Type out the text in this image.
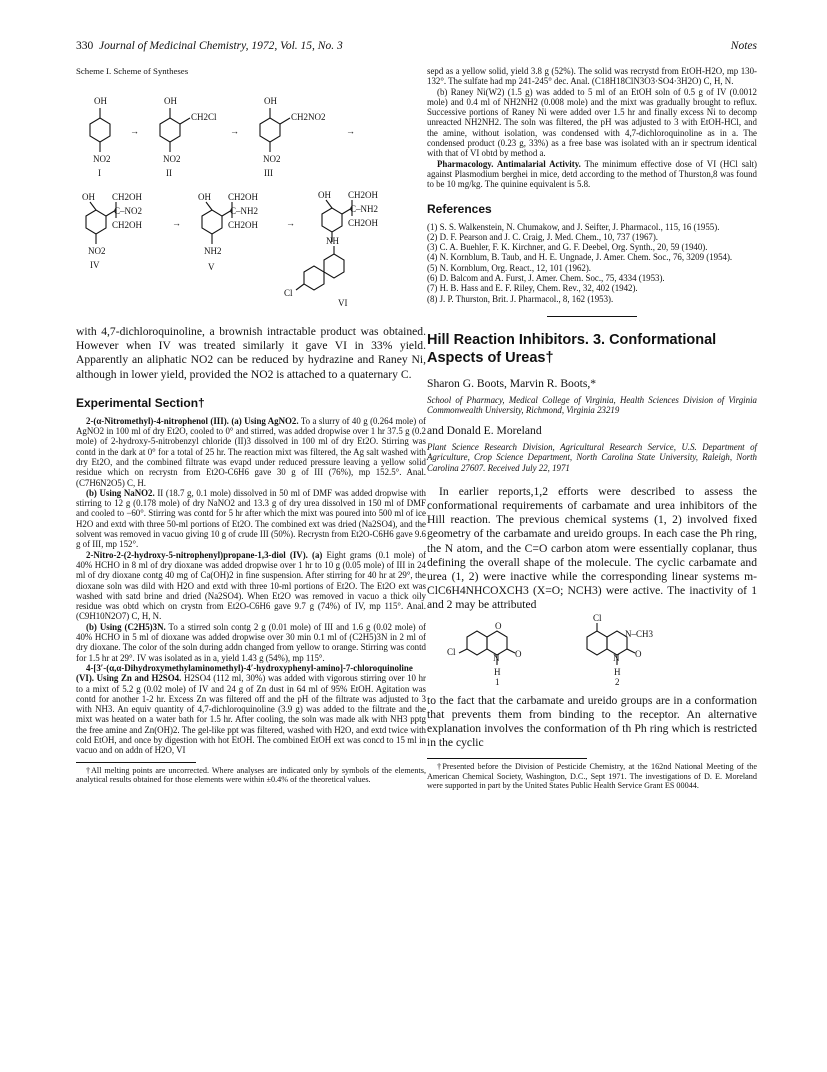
330 Journal of Medicinal Chemistry, 1972, Vol. 15, No. 3	Notes

Scheme I. Scheme of Syntheses

OH
NO2
I
→
OH
CH2Cl
NO2
II
→
OH
CH2NO2
NO2
III
→
OH CH2OH
C–NO2
CH2OH
NO2
IV
→
OH CH2OH
C–NH2
CH2OH
NH2
V
→
OH CH2OH
C–NH2
CH2OH
NH
Cl
VI

with 4,7-dichloroquinoline, a brownish intractable product was obtained. However when IV was treated similarly it gave VI in 33% yield. Apparently an aliphatic NO2 can be reduced by hydrazine and Raney Ni, although in lower yield, provided the NO2 is attached to a quaternary C.

Experimental Section†

2-(α-Nitromethyl)-4-nitrophenol (III). (a) Using AgNO2. To a slurry of 40 g (0.264 mole) of AgNO2 in 100 ml of dry Et2O, cooled to 0° and stirred, was added dropwise over 1 hr 37.5 g (0.2 mole) of 2-hydroxy-5-nitrobenzyl chloride (II)3 dissolved in 100 ml of dry Et2O. Stirring was contd in the dark at 0° for a total of 25 hr. The reaction mixt was filtered, the Ag salt washed with dry Et2O, and the combined filtrate was evapd under reduced pressure leaving a yellow solid residue which on recrystn from Et2O-C6H6 gave 30 g of III (76%), mp 152.5°. Anal. (C7H6N2O5) C, H.

(b) Using NaNO2. II (18.7 g, 0.1 mole) dissolved in 50 ml of DMF was added dropwise with stirring to 12 g (0.178 mole) of dry NaNO2 and 13.3 g of dry urea dissolved in 150 ml of DMF and cooled to −60°. Stirring was contd for 5 hr after which the mixt was poured into 500 ml of ice H2O and extd with three 50-ml portions of Et2O. The combined ext was dried (Na2SO4), and the solvent was removed in vacuo giving 10 g of crude III (50%). Recrystn from Et2O-C6H6 gave 9.6 g of III, mp 152°.

2-Nitro-2-(2-hydroxy-5-nitrophenyl)propane-1,3-diol (IV). (a) Eight grams (0.1 mole) of 40% HCHO in 8 ml of dry dioxane was added dropwise over 1 hr to 10 g (0.05 mole) of III in 24 ml of dry dioxane contg 40 mg of Ca(OH)2 in fine suspension. After stirring for 40 hr at 29°, the dioxane soln was dild with H2O and extd with three 10-ml portions of Et2O. The Et2O ext was washed with satd brine and dried (Na2SO4). When Et2O was removed in vacuo a thick oily residue was obtd which on crystn from Et2O-C6H6 gave 9.7 g (74%) of IV, mp 115°. Anal. (C9H10N2O7) C, H, N.

(b) Using (C2H5)3N. To a stirred soln contg 2 g (0.01 mole) of III and 1.6 g (0.02 mole) of 40% HCHO in 5 ml of dioxane was added dropwise over 30 min 0.1 ml of (C2H5)3N in 2 ml of dry dioxane. The color of the soln during addn changed from yellow to orange. Stirring was contd for 1.5 hr at 29°. IV was isolated as in a, yield 1.43 g (54%), mp 115°.

4-[3′-(α,α-Dihydroxymethylaminomethyl)-4′-hydroxyphenyl-amino]-7-chloroquinoline (VI). Using Zn and H2SO4. H2SO4 (112 ml, 30%) was added with vigorous stirring over 10 hr to a mixt of 5.2 g (0.02 mole) of IV and 24 g of Zn dust in 64 ml of 95% EtOH. Agitation was contd for another 1-2 hr. Excess Zn was filtered off and the pH of the filtrate was adjusted to 3 with NH3. An equiv quantity of 4,7-dichloroquinoline (3.9 g) was added to the filtrate and the mixt was heated on a water bath for 1.5 hr. After cooling, the soln was made alk with NH3 pptg the free amine and Zn(OH)2. The gel-like ppt was filtered, washed with H2O, and extd twice with cold EtOH, and once by digestion with hot EtOH. The combined EtOH ext was concd to 15 ml in vacuo and on addn of H2O, VI

†All melting points are uncorrected. Where analyses are indicated only by symbols of the elements, analytical results obtained for those elements were within ±0.4% of the theoretical values.

sepd as a yellow solid, yield 3.8 g (52%). The solid was recrystd from EtOH-H2O, mp 130-132°. The sulfate had mp 241-245° dec. Anal. (C18H18ClN3O3·SO4·3H2O) C, H, N.

(b) Raney Ni(W2) (1.5 g) was added to 5 ml of an EtOH soln of 0.5 g of IV (0.0012 mole) and 0.4 ml of NH2NH2 (0.008 mole) and the mixt was gradually brought to reflux. Successive portions of Raney Ni were added over 1.5 hr and finally excess Ni to decomp unreacted NH2NH2. The soln was filtered, the pH was adjusted to 3 with EtOH-HCl, and the amine, without isolation, was condensed with 4,7-dichloroquinoline as in a. The condensed product (0.23 g, 33%) as a free base was isolated with an ir spectrum identical with that of VI obtd by method a.

Pharmacology. Antimalarial Activity. The minimum effective dose of VI (HCl salt) against Plasmodium berghei in mice, detd according to the method of Thurston,8 was found to be 10 mg/kg. The quinine equivalent is 5.8.

References
(1) S. S. Walkenstein, N. Chumakow, and J. Seifter, J. Pharmacol., 115, 16 (1955).
(2) D. F. Pearson and J. C. Craig, J. Med. Chem., 10, 737 (1967).
(3) C. A. Buehler, F. K. Kirchner, and G. F. Deebel, Org. Synth., 20, 59 (1940).
(4) N. Kornblum, B. Taub, and H. E. Ungnade, J. Amer. Chem. Soc., 76, 3209 (1954).
(5) N. Kornblum, Org. React., 12, 101 (1962).
(6) D. Balcom and A. Furst, J. Amer. Chem. Soc., 75, 4334 (1953).
(7) H. B. Hass and E. F. Riley, Chem. Rev., 32, 402 (1942).
(8) J. P. Thurston, Brit. J. Pharmacol., 8, 162 (1953).
Hill Reaction Inhibitors. 3. Conformational Aspects of Ureas†

Sharon G. Boots, Marvin R. Boots,*

School of Pharmacy, Medical College of Virginia, Health Sciences Division of Virginia Commonwealth University, Richmond, Virginia 23219

and Donald E. Moreland

Plant Science Research Division, Agricultural Research Service, U.S. Department of Agriculture, Crop Science Department, North Carolina State University, Raleigh, North Carolina 27607. Received July 22, 1971

In earlier reports,1,2 efforts were described to assess the conformational requirements of carbamate and urea inhibitors of the Hill reaction. The previous chemical systems (1, 2) involved fixed geometry of the carbamate and ureido groups. In each case the Ph ring, the N atom, and the C=O carbon atom were essentially coplanar, thus defining the overall shape of the molecule. The cyclic carbamate and urea (1, 2) were inactive while the corresponding linear systems m-ClC6H4NHCOXCH3 (X=O; NCH3) were active. The inactivity of 1 and 2 may be attributed

Cl
O
O
N
H
1
Cl
N–CH3
O
N
H
2

to the fact that the carbamate and ureido groups are in a conformation that prevents them from binding to the receptor. An alternative explanation involves the conformation of th Ph ring which is restricted in the cyclic

†Presented before the Division of Pesticide Chemistry, at the 162nd National Meeting of the American Chemical Society, Washington, D.C., Sept 1971. The investigations of D. E. Moreland were supported in part by the United States Public Health Service Grant ES 00044.
